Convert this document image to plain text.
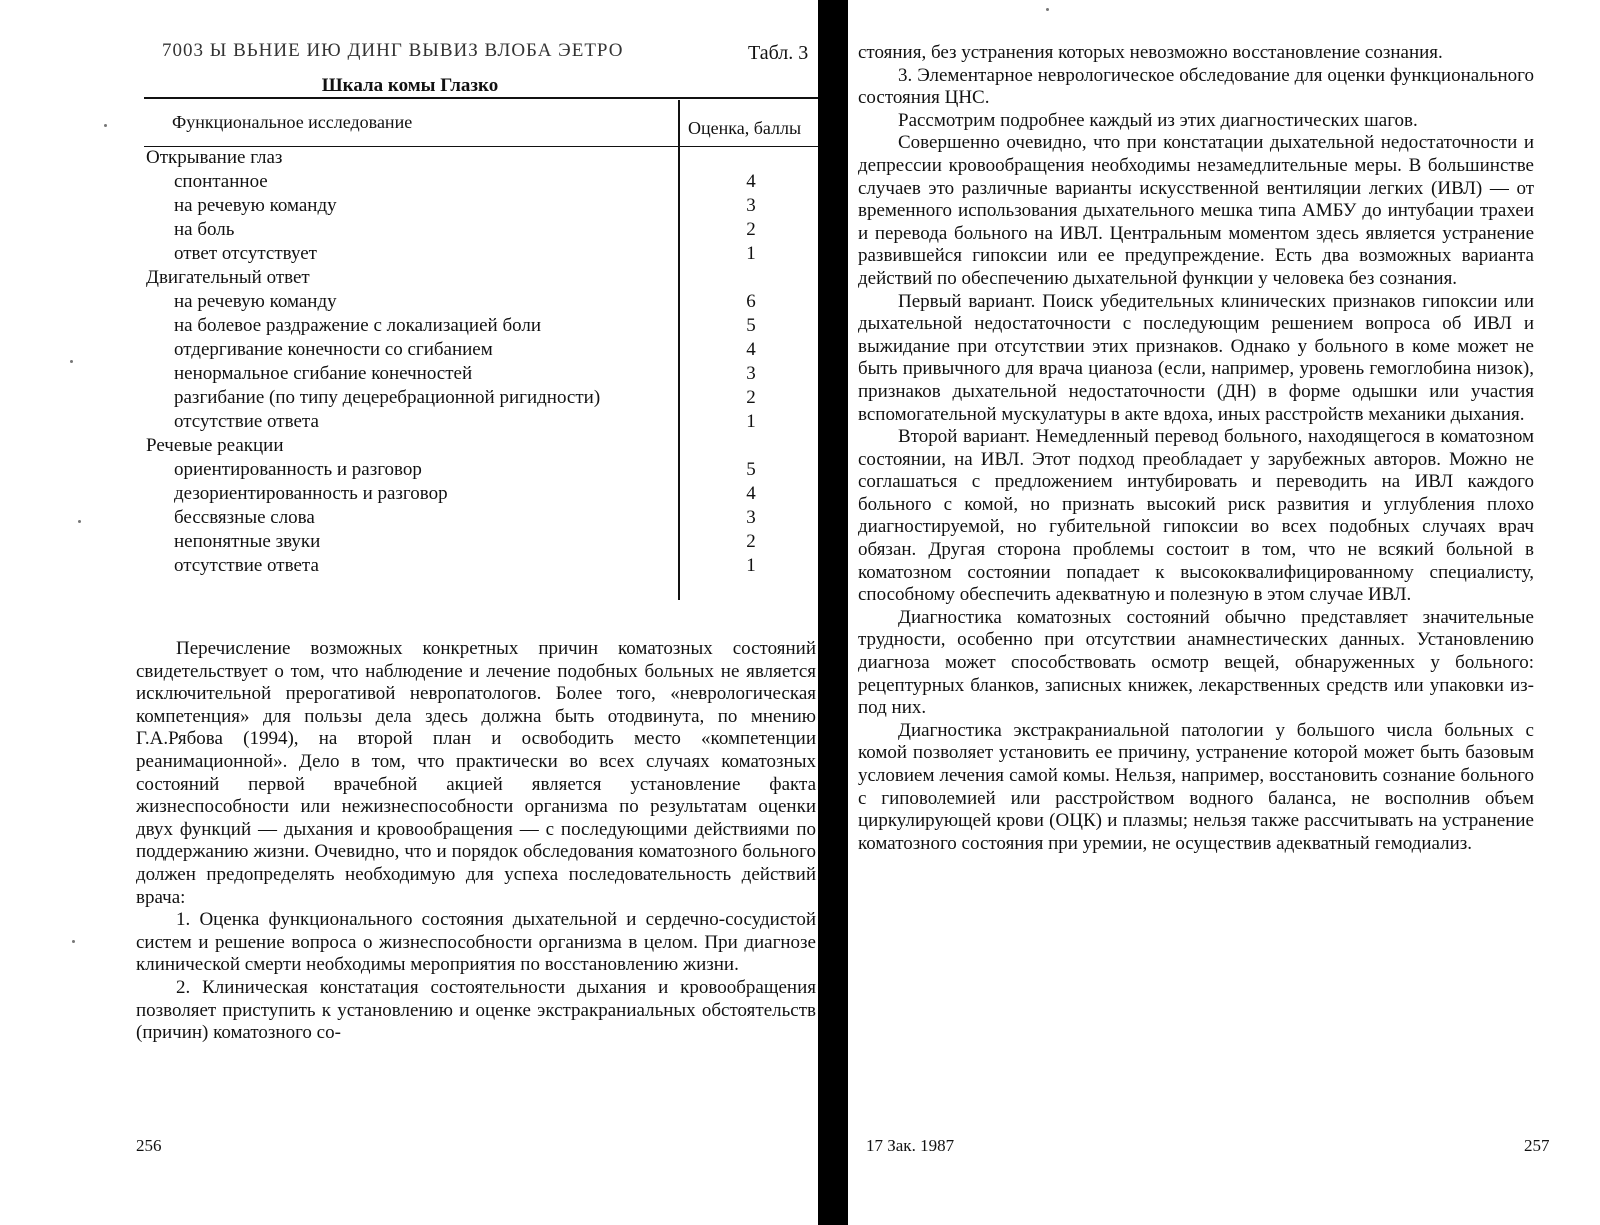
7003 Ы ВЬНИЕ ИЮ ДИНГ ВЫВИЗ ВЛОБА ЭЕТРО	Табл. 3
Шкала комы Глазко
Функциональное исследование	Оценка, баллы
Открывание глаз
спонтанное	4
на речевую команду	3
на боль	2
ответ отсутствует	1
Двигательный ответ
на речевую команду	6
на болевое раздражение с локализацией боли	5
отдергивание конечности со сгибанием	4
ненормальное сгибание конечностей	3
разгибание (по типу децеребрационной ригидности)	2
отсутствие ответа	1
Речевые реакции
ориентированность и разговор	5
дезориентированность и разговор	4
бессвязные слова	3
непонятные звуки	2
отсутствие ответа	1

Перечисление возможных конкретных причин коматозных состояний свидетельствует о том, что наблюдение и лечение подобных больных не является исключительной прерогативой невропатологов. Более того, «неврологическая компетенция» для пользы дела здесь должна быть отодвинута, по мнению Г.А.Рябова (1994), на второй план и освободить место «компетенции реанимационной». Дело в том, что практически во всех случаях коматозных состояний первой врачебной акцией является установление факта жизнеспособности или нежизнеспособности организма по результатам оценки двух функций — дыхания и кровообращения — с последующими действиями по поддержанию жизни. Очевидно, что и порядок обследования коматозного больного должен предопределять необходимую для успеха последовательность действий врача:

1. Оценка функционального состояния дыхательной и сердечно-сосудистой систем и решение вопроса о жизнеспособности организма в целом. При диагнозе клинической смерти необходимы мероприятия по восстановлению жизни.

2. Клиническая констатация состоятельности дыхания и кровообращения позволяет приступить к установлению и оценке экстракраниальных обстоятельств (причин) коматозного со-

256

стояния, без устранения которых невозможно восстановление сознания.

3. Элементарное неврологическое обследование для оценки функционального состояния ЦНС.

Рассмотрим подробнее каждый из этих диагностических шагов.

Совершенно очевидно, что при констатации дыхательной недостаточности и депрессии кровообращения необходимы незамедлительные меры. В большинстве случаев это различные варианты искусственной вентиляции легких (ИВЛ) — от временного использования дыхательного мешка типа АМБУ до интубации трахеи и перевода больного на ИВЛ. Центральным моментом здесь является устранение развившейся гипоксии или ее предупреждение. Есть два возможных варианта действий по обеспечению дыхательной функции у человека без сознания.

Первый вариант. Поиск убедительных клинических признаков гипоксии или дыхательной недостаточности с последующим решением вопроса об ИВЛ и выжидание при отсутствии этих признаков. Однако у больного в коме может не быть привычного для врача цианоза (если, например, уровень гемоглобина низок), признаков дыхательной недостаточности (ДН) в форме одышки или участия вспомогательной мускулатуры в акте вдоха, иных расстройств механики дыхания.

Второй вариант. Немедленный перевод больного, находящегося в коматозном состоянии, на ИВЛ. Этот подход преобладает у зарубежных авторов. Можно не соглашаться с предложением интубировать и переводить на ИВЛ каждого больного с комой, но признать высокий риск развития и углубления плохо диагностируемой, но губительной гипоксии во всех подобных случаях врач обязан. Другая сторона проблемы состоит в том, что не всякий больной в коматозном состоянии попадает к высококвалифицированному специалисту, способному обеспечить адекватную и полезную в этом случае ИВЛ.

Диагностика коматозных состояний обычно представляет значительные трудности, особенно при отсутствии анамнестических данных. Установлению диагноза может способствовать осмотр вещей, обнаруженных у больного: рецептурных бланков, записных книжек, лекарственных средств или упаковки из-под них.

Диагностика экстракраниальной патологии у большого числа больных с комой позволяет установить ее причину, устранение которой может быть базовым условием лечения самой комы. Нельзя, например, восстановить сознание больного с гиповолемией или расстройством водного баланса, не восполнив объем циркулирующей крови (ОЦК) и плазмы; нельзя также рассчитывать на устранение коматозного состояния при уремии, не осуществив адекватный гемодиализ.

17 Зак. 1987	257
